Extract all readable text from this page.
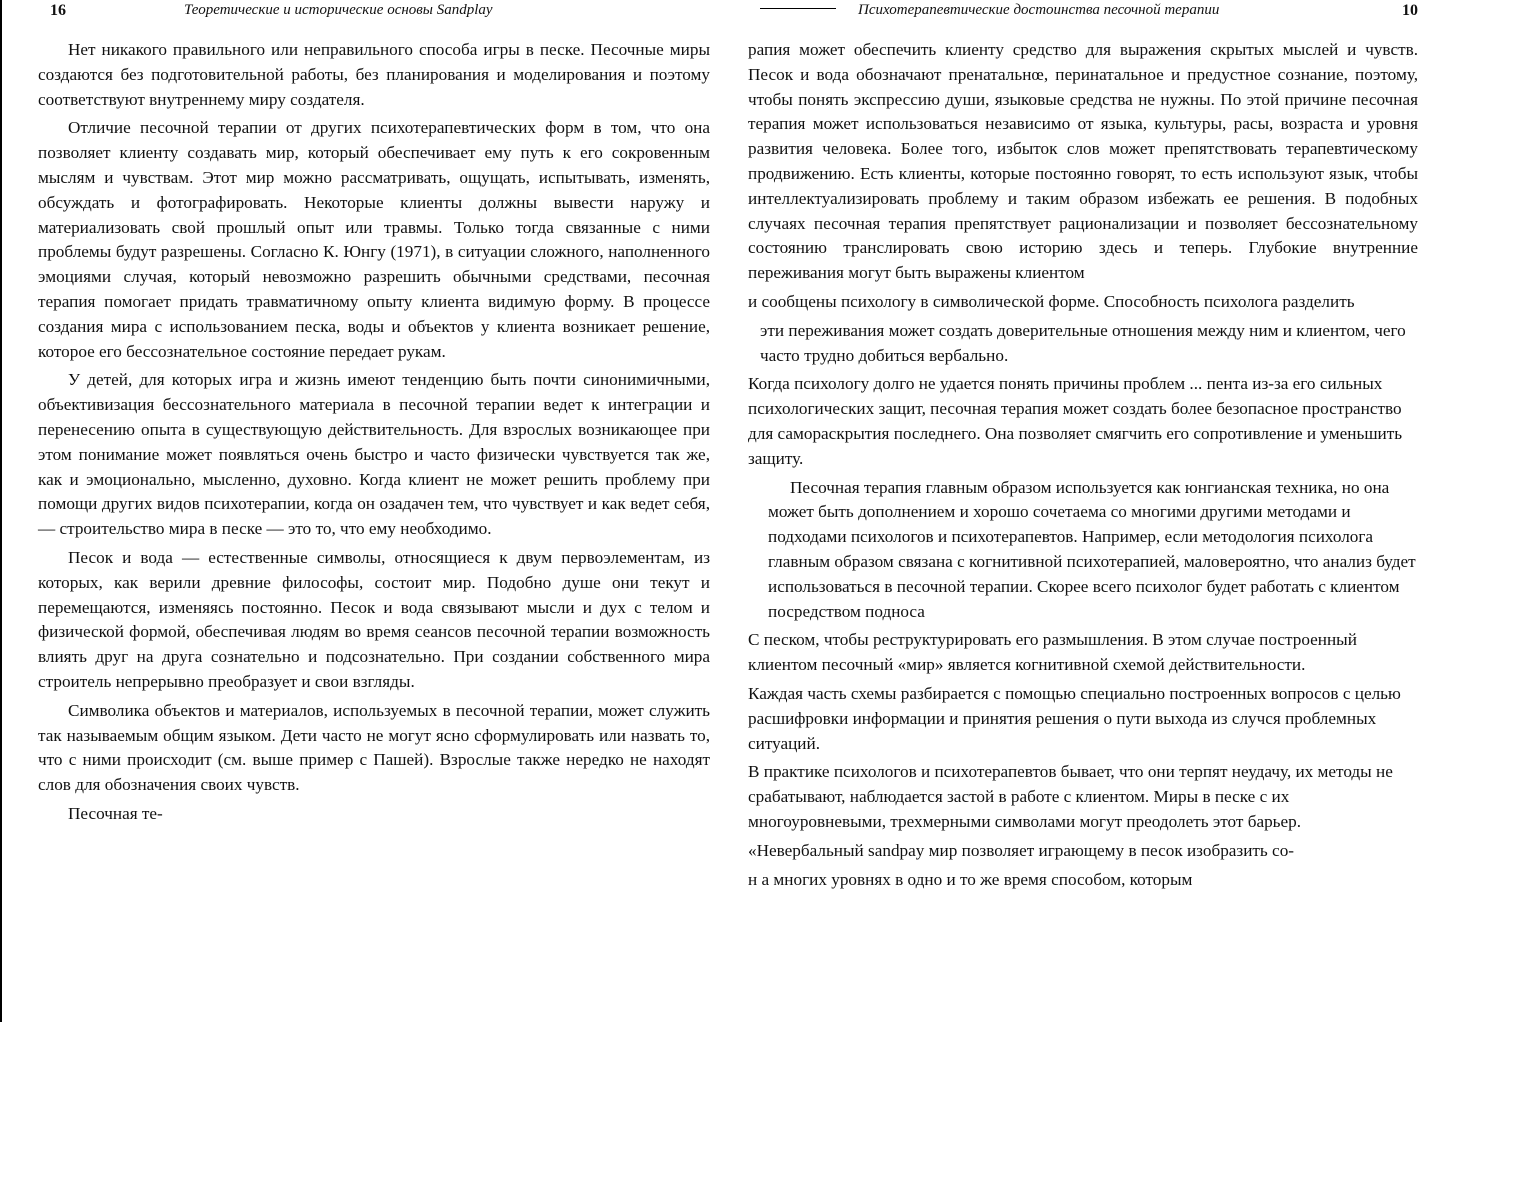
16	Теоретические и исторические основы Sandplay

Нет никакого правильного или неправильного способа игры в песке. Песочные миры создаются без подготовительной работы, без планирования и моделирования и поэтому соответствуют внутреннему миру создателя.

Отличие песочной терапии от других психотерапевтических форм в том, что она позволяет клиенту создавать мир, который обеспечивает ему путь к его сокровенным мыслям и чувствам. Этот мир можно рассматривать, ощущать, испытывать, изменять, обсуждать и фотографировать. Некоторые клиенты должны вывести наружу и материализовать свой прошлый опыт или травмы. Только тогда связанные с ними проблемы будут разрешены. Согласно К. Юнгу (1971), в ситуации сложного, наполненного эмоциями случая, который невозможно разрешить обычными средствами, песочная терапия помогает придать травматичному опыту клиента видимую форму. В процессе создания мира с использованием песка, воды и объектов у клиента возникает решение, которое его бессознательное состояние передает рукам.

У детей, для которых игра и жизнь имеют тенденцию быть почти синонимичными, объективизация бессознательного материала в песочной терапии ведет к интеграции и перенесению опыта в существующую действительность. Для взрослых возникающее при этом понимание может появляться очень быстро и часто физически чувствуется так же, как и эмоционально, мысленно, духовно. Когда клиент не может решить проблему при помощи других видов психотерапии, когда он озадачен тем, что чувствует и как ведет себя, — строительство мира в песке — это то, что ему необходимо.

Песок и вода — естественные символы, относящиеся к двум первоэлементам, из которых, как верили древние философы, состоит мир. Подобно душе они текут и перемещаются, изменяясь постоянно. Песок и вода связывают мысли и дух с телом и физической формой, обеспечивая людям во время сеансов песочной терапии возможность влиять друг на друга сознательно и подсознательно. При создании собственного мира строитель непрерывно преобразует и свои взгляды.

Символика объектов и материалов, используемых в песочной терапии, может служить так называемым общим языком. Дети часто не могут ясно сформулировать или назвать то, что с ними происходит (см. выше пример с Пашей). Взрослые также нередко не находят слов для обозначения своих чувств.

Песочная те-

Психотерапевтические достоинства песочной терапии	10

рапия может обеспечить клиенту средство для выражения скрытых мыслей и чувств. Песок и вода обозначают пренатальнœ, перинатальное и предустное сознание, поэтому, чтобы понять экспрессию души, языковые средства не нужны. По этой причине песочная терапия может использоваться независимо от языка, культуры, расы, возраста и уровня развития человека. Более того, избыток слов может препятствовать терапевтическому продвижению. Есть клиенты, которые постоянно говорят, то есть используют язык, чтобы интеллектуализировать проблему и таким образом избежать ее решения. В подобных случаях песочная терапия препятствует рационализации и позволяет бессознательному состоянию транслировать свою историю здесь и теперь. Глубокие внутренние переживания могут быть выражены клиентом

и сообщены психологу в символической форме. Способность психолога разделить

эти переживания может создать доверительные отношения между ним и клиентом, чего часто трудно добиться вербально.

Когда психологу долго не удается понять причины проблем ... пента из-за его сильных психологических защит, песочная терапия может создать более безопасное пространство для самораскрытия последнего. Она позволяет смягчить его сопротивление и уменьшить защиту.

Песочная терапия главным образом используется как юнгианская техника, но она может быть дополнением и хорошо сочетаема со многими другими методами и подходами психологов и психотерапевтов. Например, если методология психолога главным образом связана с когнитивной психотерапией, маловероятно, что анализ будет использоваться в песочной терапии. Скорее всего психолог будет работать с клиентом посредством подноса

С песком, чтобы реструктурировать его размышления. В этом случае построенный клиентом песочный «мир» является когнитивной схемой действительности.

Каждая часть схемы разбирается с помощью специально построенных вопросов с целью расшифровки информации и принятия решения о пути выхода из случся проблемных ситуаций.

В практике психологов и психотерапевтов бывает, что они терпят неудачу, их методы не срабатывают, наблюдается застой в работе с клиентом. Миры в песке с их многоуровневыми, трехмерными символами могут преодолеть этот барьер.

«Невербальный sandpay мир позволяет играющему в песок изобразить со-

н а многих уровнях в одно и то же время способом, которым
